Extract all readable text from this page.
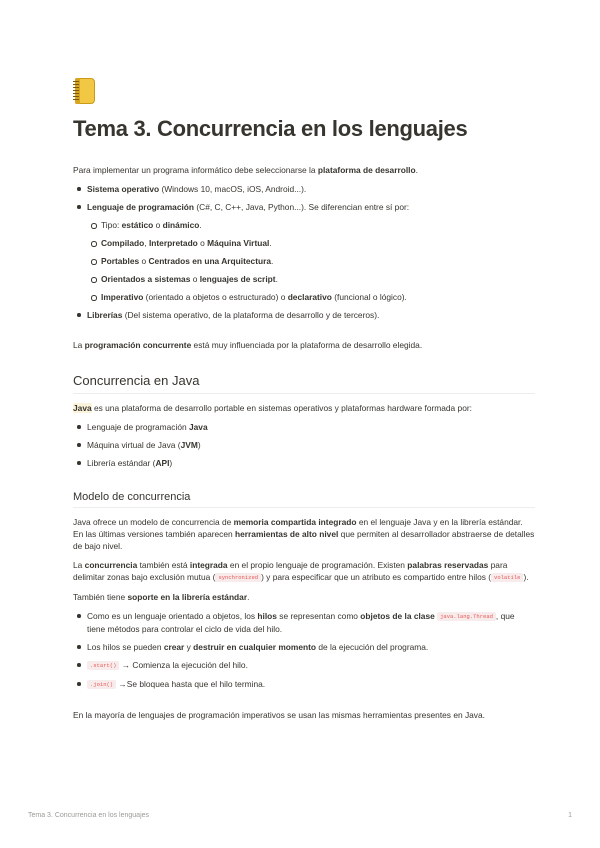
Tema 3. Concurrencia en los lenguajes

Para implementar un programa informático debe seleccionarse la plataforma de desarrollo.

Sistema operativo (Windows 10, macOS, iOS, Android...).
Lenguaje de programación (C#, C, C++, Java, Python...). Se diferencian entre sí por:
Tipo: estático o dinámico.
Compilado, Interpretado o Máquina Virtual.
Portables o Centrados en una Arquitectura.
Orientados a sistemas o lenguajes de script.
Imperativo (orientado a objetos o estructurado) o declarativo (funcional o lógico).
Librerías (Del sistema operativo, de la plataforma de desarrollo y de terceros).

La programación concurrente está muy influenciada por la plataforma de desarrollo elegida.

Concurrencia en Java

Java es una plataforma de desarrollo portable en sistemas operativos y plataformas hardware formada por:

Lenguaje de programación Java
Máquina virtual de Java (JVM)
Librería estándar (API)
Modelo de concurrencia

Java ofrece un modelo de concurrencia de memoria compartida integrado en el lenguaje Java y en la librería estándar. En las últimas versiones también aparecen herramientas de alto nivel que permiten al desarrollador abstraerse de detalles de bajo nivel.

La concurrencia también está integrada en el propio lenguaje de programación. Existen palabras reservadas para delimitar zonas bajo exclusión mutua ( synchronized ) y para especificar que un atributo es compartido entre hilos ( volatile ).

También tiene soporte en la librería estándar.

Como es un lenguaje orientado a objetos, los hilos se representan como objetos de la clase java.lang.Thread , que tiene métodos para controlar el ciclo de vida del hilo.
Los hilos se pueden crear y destruir en cualquier momento de la ejecución del programa.
.start() → Comienza la ejecución del hilo.
.join() →Se bloquea hasta que el hilo termina.

En la mayoría de lenguajes de programación imperativos se usan las mismas herramientas presentes en Java.

Tema 3. Concurrencia en los lenguajes	1
